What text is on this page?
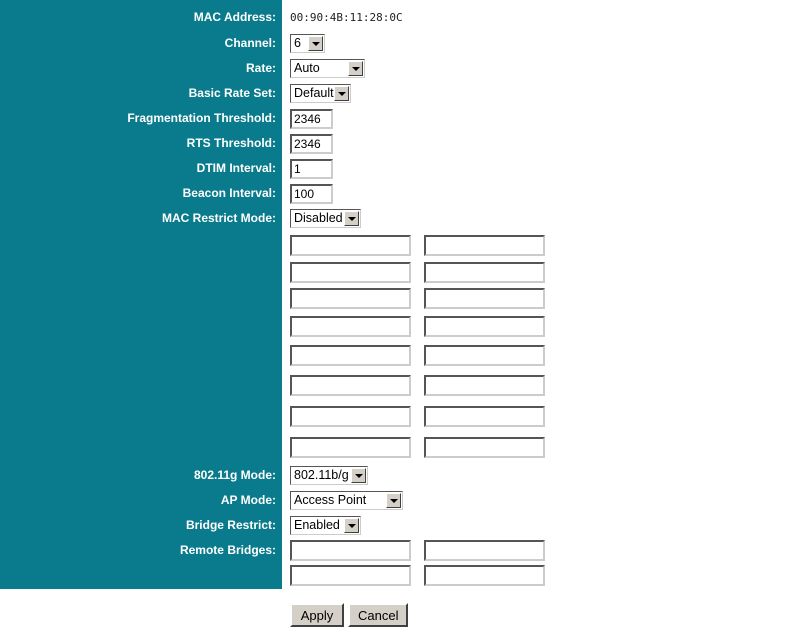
MAC Address: 00:90:4B:11:28:0C
Channel: 6
Rate: Auto
Basic Rate Set: Default
Fragmentation Threshold:
2346
RTS Threshold:
2346
DTIM Interval:
1
Beacon Interval:
100
MAC Restrict Mode: Disabled
802.11g Mode: 802.11b/g
AP Mode: Access Point
Bridge Restrict: Enabled
Remote Bridges:
Apply	Cancel
